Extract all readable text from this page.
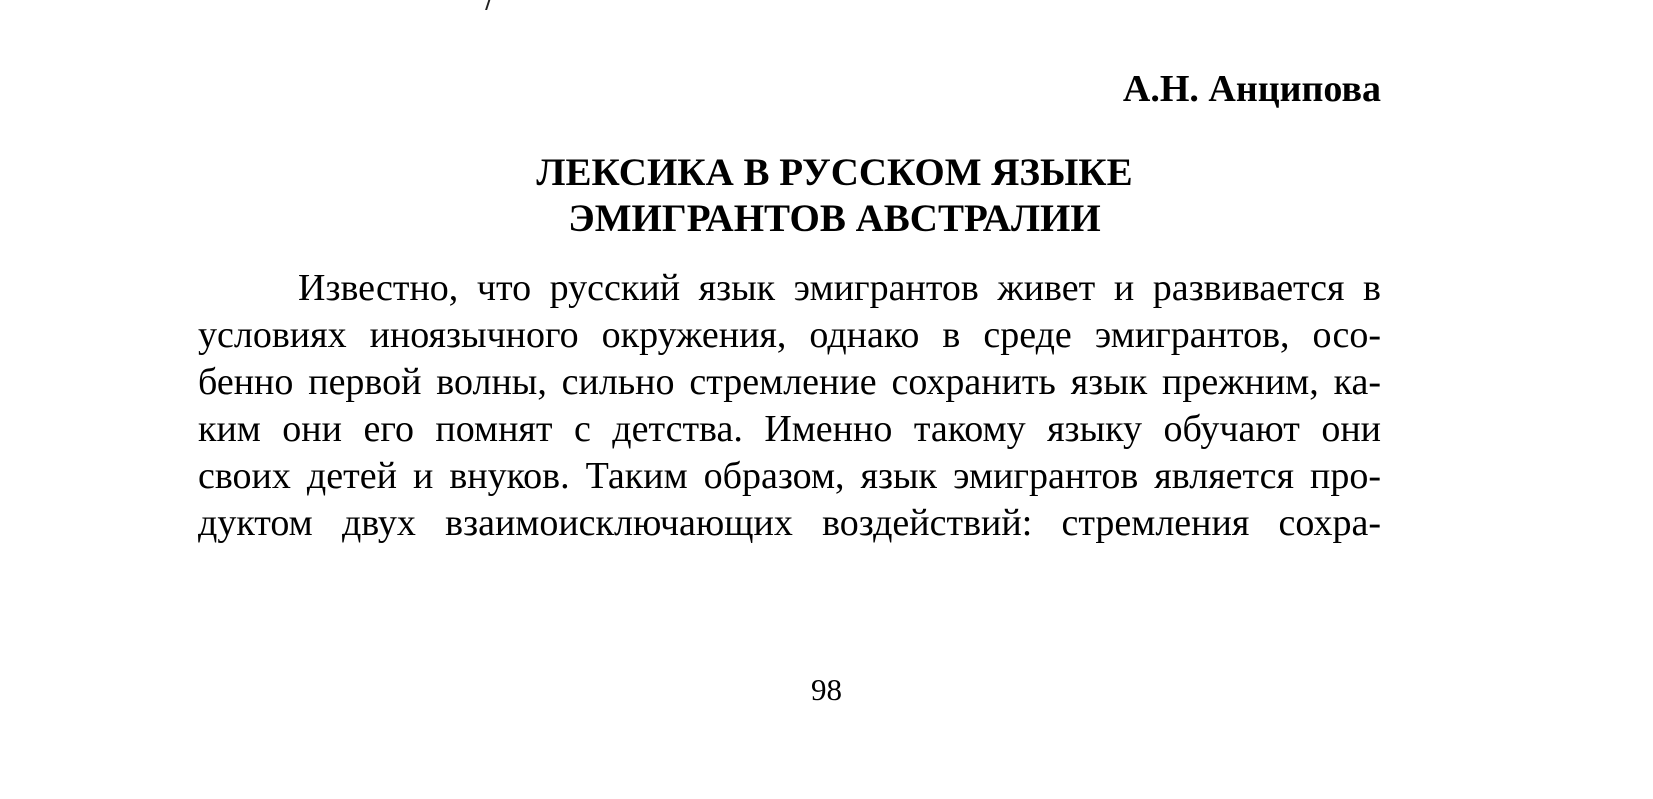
А.Н. Анципова
ЛЕКСИКА В РУССКОМ ЯЗЫКЕ
ЭМИГРАНТОВ АВСТРАЛИИ
Известно, что русский язык эмигрантов живет и развивается в
условиях иноязычного окружения, однако в среде эмигрантов, осо-
бенно первой волны, сильно стремление сохранить язык прежним, ка-
ким они его помнят с детства. Именно такому языку обучают они
своих детей и внуков. Таким образом, язык эмигрантов является про-
дуктом двух взаимоисключающих воздействий: стремления сохра-
98
